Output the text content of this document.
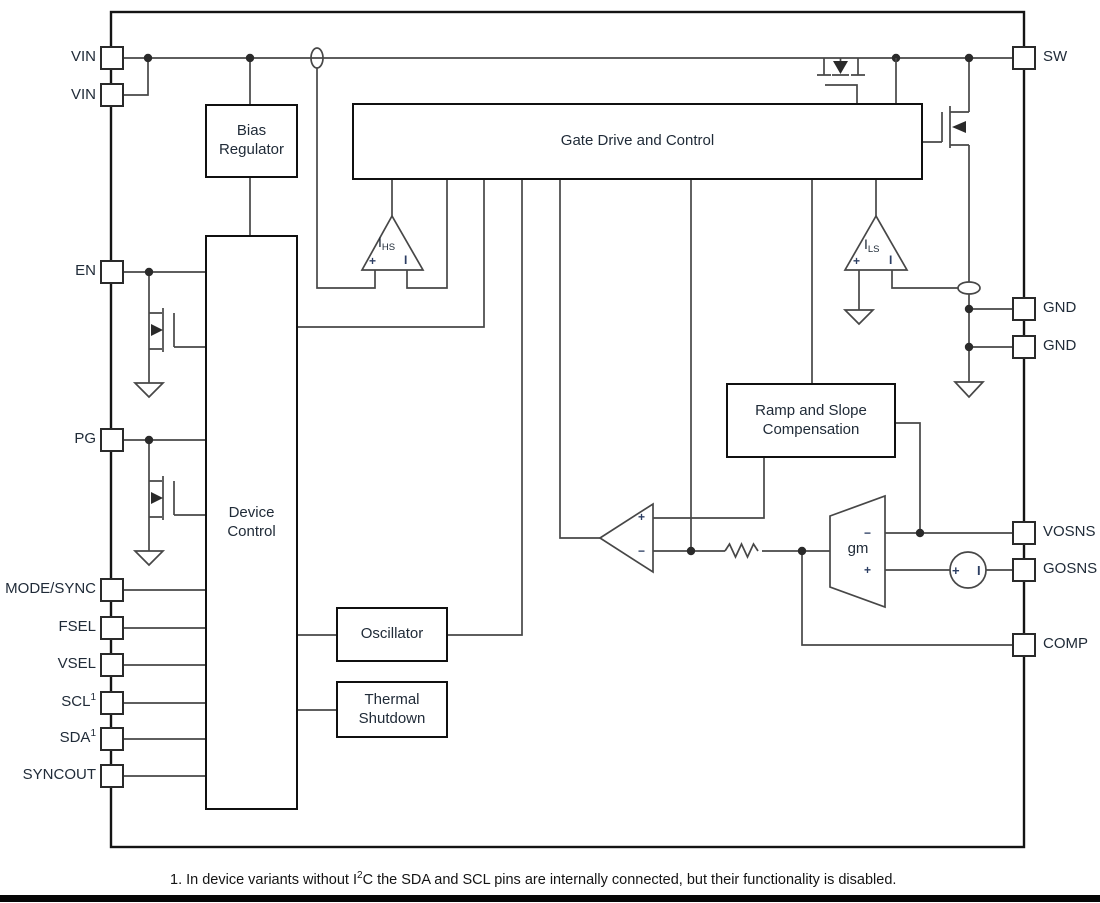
Bias Regulator
Gate Drive and Control
Device Control
Ramp and Slope Compensation
Oscillator
Thermal Shutdown
VIN
VIN
EN
PG
MODE/SYNC
FSEL
VSEL
SCL$^1$
SDA$^1$
SYNCOUT
SW
GND
GND
VOSNS
GOSNS
COMP
$I_{HS}$
+ I
$I_{LS}$
+ I
+
−	gm
−
+	+ I
1. In device variants without $I^2C$ the SDA and SCL pins are internally connected, but their functionality is disabled.
